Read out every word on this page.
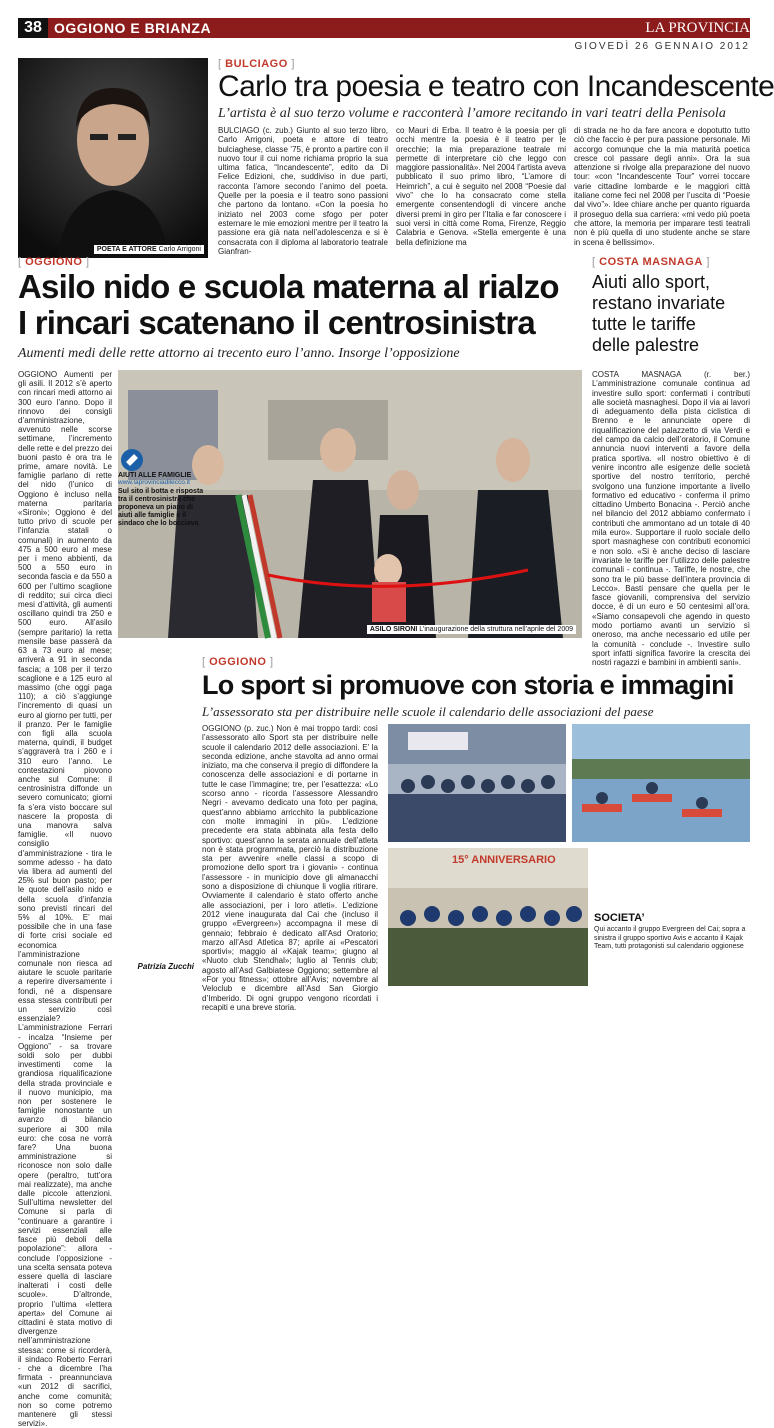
38 OGGIONO E BRIANZA	LA PROVINCIA
GIOVEDÌ 26 GENNAIO 2012
POETA E ATTORE Carlo Arrigoni
[ BULCIAGO ]
Carlo tra poesia e teatro con Incandescente
L’artista è al suo terzo volume e racconterà l’amore recitando in vari teatri della Penisola
BULCIAGO (c. zub.) Giunto al suo terzo libro, Carlo Arrigoni, poeta e attore di teatro bulciaghese, classe ’75, è pronto a partire con il nuovo tour il cui nome richiama proprio la sua ultima fatica, “Incandescente”, edito da Di Felice Edizioni, che, suddiviso in due parti, racconta l’amore secondo l’animo del poeta. Quelle per la poesia e il teatro sono passioni che partono da lontano. «Con la poesia ho iniziato nel 2003 come sfogo per poter esternare le mie emozioni mentre per il teatro la passione era già nata nell’adolescenza e si è consacrata con il diploma al laboratorio teatrale Gianfran-
co Mauri di Erba. Il teatro è la poesia per gli occhi mentre la poesia è il teatro per le orecchie; la mia preparazione teatrale mi permette di interpretare ciò che leggo con maggiore passionalità». Nel 2004 l’artista aveva pubblicato il suo primo libro, “L’amore di Heimrich”, a cui è seguito nel 2008 “Poesie dal vivo” che lo ha consacrato come stella emergente consentendogli di vincere anche diversi premi in giro per l’Italia e far conoscere i suoi versi in città come Roma, Firenze, Reggio Calabria e Genova. «Stella emergente è una bella definizione ma
di strada ne ho da fare ancora e dopotutto tutto ciò che faccio è per pura passione personale. Mi accorgo comunque che la mia maturità poetica cresce col passare degli anni». Ora la sua attenzione si rivolge alla preparazione del nuovo tour: «con “Incandescente Tour” vorrei toccare varie cittadine lombarde e le maggiori città italiane come feci nel 2008 per l’uscita di “Poesie dal vivo”». Idee chiare anche per quanto riguarda il proseguo della sua carriera: «mi vedo più poeta che attore, la memoria per imparare testi teatrali non è più quella di uno studente anche se stare in scena è bellissimo».
[ OGGIONO ]
Asilo nido e scuola materna al rialzo
I rincari scatenano il centrosinistra
Aumenti medi delle rette attorno ai trecento euro l’anno. Insorge l’opposizione
ASILO SIRONI L’inaugurazione della struttura nell’aprile del 2009
AIUTI ALLE FAMIGLIE
www.laprovinciadilecco.it
Sul sito il botta e risposta tra il centrosinistra che proponeva un piano di aiuti alle famiglie e il sindaco che lo bocciava
OGGIONO Aumenti per gli asili. Il 2012 s’è aperto con rincari medi attorno ai 300 euro l’anno. Dopo il rinnovo dei consigli d’amministrazione, avvenuto nelle scorse settimane, l’incremento delle rette e del prezzo dei buoni pasto è ora tra le prime, amare novità. Le famiglie parlano di rette del nido (l’unico di Oggiono è incluso nella materna paritaria «Sironi»; Oggiono è del tutto privo di scuole per l’infanzia statali o comunali) in aumento da 475 a 500 euro al mese per i meno abbienti, da 500 a 550 euro in seconda fascia e da 550 a 600 per l’ultimo scaglione di reddito; sui circa dieci mesi d’attività, gli aumenti oscillano quindi tra 250 e 500 euro. All’asilo (sempre paritario) la retta mensile base passerà da 63 a 73 euro al mese; arriverà a 91 in seconda fascia; a 108 per il terzo scaglione e a 125 euro al massimo (che oggi paga 110); a ciò s’aggiunge l’incremento di quasi un euro al giorno per tutti, per il pranzo. Per le famiglie con figli alla scuola materna, quindi, il budget s’aggraverà tra i 260 e i 310 euro l’anno. Le contestazioni piovono anche sul Comune: il centrosinistra diffonde un severo comunicato; giorni fa s’era visto boccare sul nascere la proposta di una manovra salva famiglie. «Il nuovo consiglio d’amministrazione - tira le somme adesso - ha dato via libera ad aumenti del 25% sul buon pasto; per le quote dell’asilo nido e della scuola d’infanzia sono previsti rincari del 5% al 10%. E’ mai possibile che in una fase di forte crisi sociale ed economica l’amministrazione comunale non riesca ad aiutare le scuole paritarie a reperire diversamente i fondi, né a dispensare essa stessa contributi per un servizio così essenziale? L’amministrazione Ferrari - incalza “Insieme per Oggiono” - sa trovare soldi solo per dubbi investimenti come la grandiosa riqualificazione della strada provinciale e il nuovo municipio, ma non per sostenere le famiglie nonostante un avanzo di bilancio superiore ai 300 mila euro: che cosa ne vorrà fare? Una buona amministrazione si riconosce non solo dalle opere (peraltro, tutt’ora mai realizzate), ma anche dalle piccole attenzioni. Sull’ultima newsletter del Comune si parla di “continuare a garantire i servizi essenziali alle fasce più deboli della popolazione”: allora - conclude l’opposizione - una scelta sensata poteva essere quella di lasciare inalterati i costi delle scuole». D’altronde, proprio l’ultima «lettera aperta» del Comune ai cittadini è stata motivo di divergenze nell’amministrazione stessa: come si ricorderà, il sindaco Roberto Ferrari - che a dicembre l’ha firmata - preannunciava «un 2012 di sacrifici, anche come comunità; non so come potremo mantenere gli stessi servizi».
Patrizia Zucchi
[ COSTA MASNAGA ]
Aiuti allo sport,
restano invariate
tutte le tariffe
delle palestre
COSTA MASNAGA (r. ber.) L’amministrazione comunale continua ad investire sullo sport: confermati i contributi alle società masnaghesi. Dopo il via ai lavori di adeguamento della pista ciclistica di Brenno e le annunciate opere di riqualificazione del palazzetto di via Verdi e del campo da calcio dell’oratorio, il Comune annuncia nuovi interventi a favore della pratica sportiva. «Il nostro obiettivo è di venire incontro alle esigenze delle società sportive del nostro territorio, perché svolgono una funzione importante a livello formativo ed educativo - conferma il primo cittadino Umberto Bonacina -. Perciò anche nel bilancio del 2012 abbiamo confermato i contributi che ammontano ad un totale di 40 mila euro». Supportare il ruolo sociale dello sport masnaghese con contributi economici e non solo. «Si è anche deciso di lasciare invariate le tariffe per l’utilizzo delle palestre comunali - continua -. Tariffe, le nostre, che sono tra le più basse dell’intera provincia di Lecco». Basti pensare che quella per le fasce giovanili, comprensiva del servizio docce, è di un euro e 50 centesimi all’ora. «Siamo consapevoli che agendo in questo modo portiamo avanti un servizio sì oneroso, ma anche necessario ed utile per la comunità - conclude -. Investire sullo sport infatti significa favorire la crescita dei nostri ragazzi e bambini in ambienti sani».
[ OGGIONO ]
Lo sport si promuove con storia e immagini
L’assessorato sta per distribuire nelle scuole il calendario delle associazioni del paese
OGGIONO (p. zuc.) Non è mai troppo tardi: così l’assessorato allo Sport sta per distribuire nelle scuole il calendario 2012 delle associazioni. E’ la seconda edizione, anche stavolta ad anno ormai iniziato, ma che conserva il pregio di diffondere la conoscenza delle associazioni e di portarne in tutte le case l’immagine; tre, per l’esattezza: «Lo scorso anno - ricorda l’assessore Alessandro Negri - avevamo dedicato una foto per pagina, quest’anno abbiamo arricchito la pubblicazione con molte immagini in più». L’edizione precedente era stata abbinata alla festa dello sportivo: quest’anno la serata annuale dell’atleta non è stata programmata, perciò la distribuzione sta per avvenire «nelle classi a scopo di promozione dello sport tra i giovani» - continua l’assessore - in municipio dove gli almanacchi sono a disposizione di chiunque li voglia ritirare. Ovviamente il calendario è stato offerto anche alle associazioni, per i loro atleti». L’edizione 2012 viene inaugurata dal Cai che (incluso il gruppo «Evergreen») accompagna il mese di gennaio; febbraio è dedicato all’Asd Oratorio; marzo all’Asd Atletica 87; aprile ai «Pescatori sportivi»; maggio al «Kajak team»; giugno al «Nuoto club Stendhal»; luglio al Tennis club; agosto all’Asd Galbiatese Oggiono; settembre al «For you fitness»; ottobre all’Avis; novembre al Veloclub e dicembre all’Asd San Giorgio d’Imberido. Di ogni gruppo vengono ricordati i recapiti e una breve storia.
15° ANNIVERSARIO
SOCIETA’
Qui accanto il gruppo Evergreen del Cai; sopra a sinistra il gruppo sportivo Avis e accanto il Kajak Team, tutti protagonisti sul calendario oggionese
